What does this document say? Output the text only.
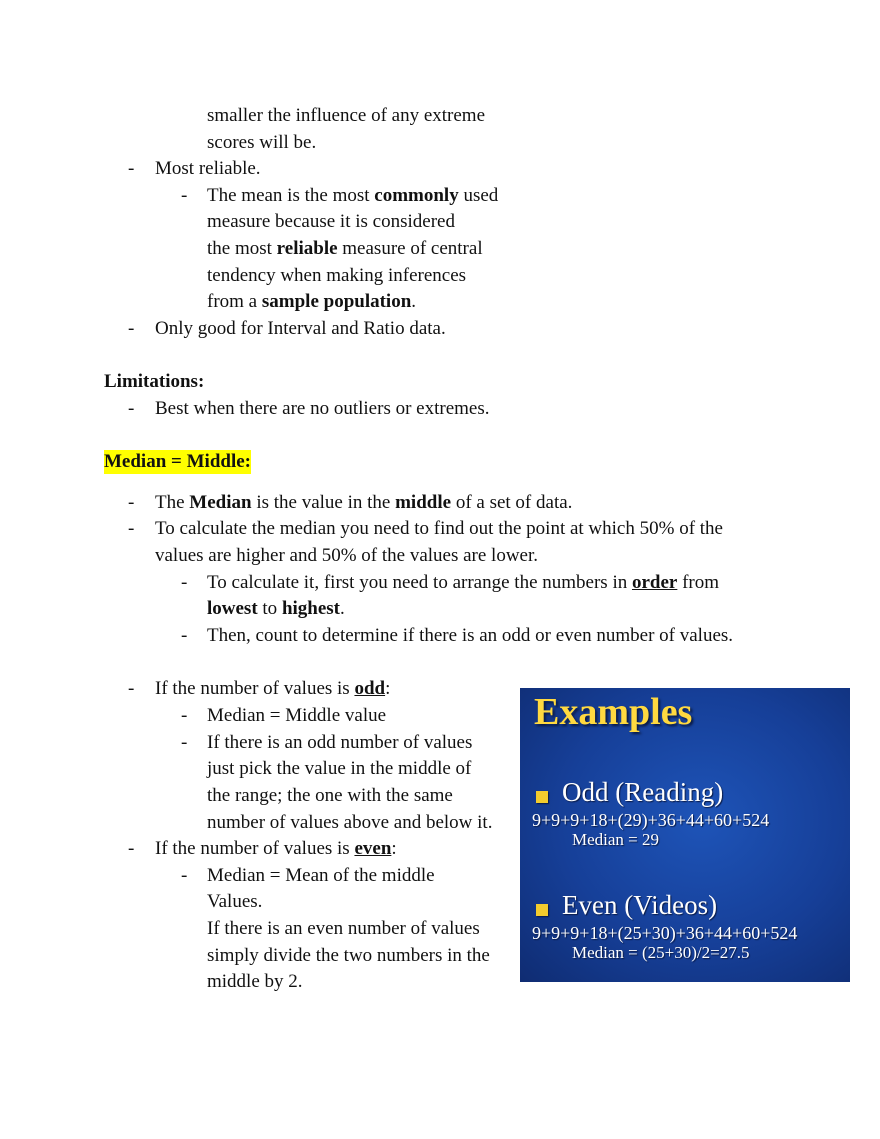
smaller the influence of any extreme
scores will be.
- Most reliable.
- The mean is the most commonly used
measure because it is considered
the most reliable measure of central
tendency when making inferences
from a sample population.
- Only good for Interval and Ratio data.
Limitations:
- Best when there are no outliers or extremes.
Median = Middle:
- The Median is the value in the middle of a set of data.
- To calculate the median you need to find out the point at which 50% of the
values are higher and 50% of the values are lower.
- To calculate it, first you need to arrange the numbers in order from
lowest to highest.
- Then, count to determine if there is an odd or even number of values.
- If the number of values is odd:
- Median = Middle value
- If there is an odd number of values
just pick the value in the middle of
the range; the one with the same
number of values above and below it.
- If the number of values is even:
- Median = Mean of the middle
Values.
If there is an even number of values
simply divide the two numbers in the
middle by 2.
Examples
Odd (Reading)
9+9+9+18+(29)+36+44+60+524
Median = 29
Even (Videos)
9+9+9+18+(25+30)+36+44+60+524
Median = (25+30)/2=27.5
